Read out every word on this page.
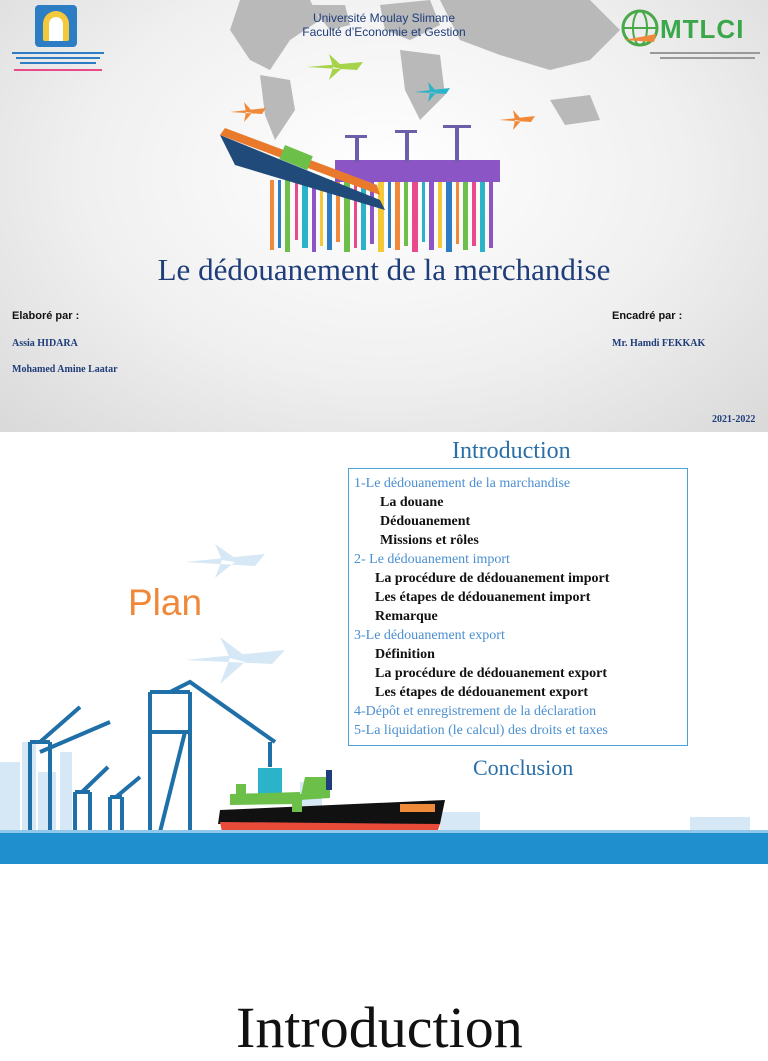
Université Moulay Slimane
Faculté d’Economie et Gestion	MTLCI
Le dédouanement de la merchandise
Elaboré par :
Assia HIDARA
Mohamed Amine Laatar
Encadré par :
Mr. Hamdi FEKKAK
2021-2022
Plan
Introduction
1-Le dédouanement de la marchandise
La douane
Dédouanement
Missions et rôles
2- Le dédouanement import
La procédure de dédouanement import
Les étapes de dédouanement import
Remarque
3-Le dédouanement export
Définition
La procédure de dédouanement export
Les étapes de dédouanement export
4-Dépôt et enregistrement de la déclaration
5-La liquidation (le calcul) des droits et taxes
Conclusion
Introduction
